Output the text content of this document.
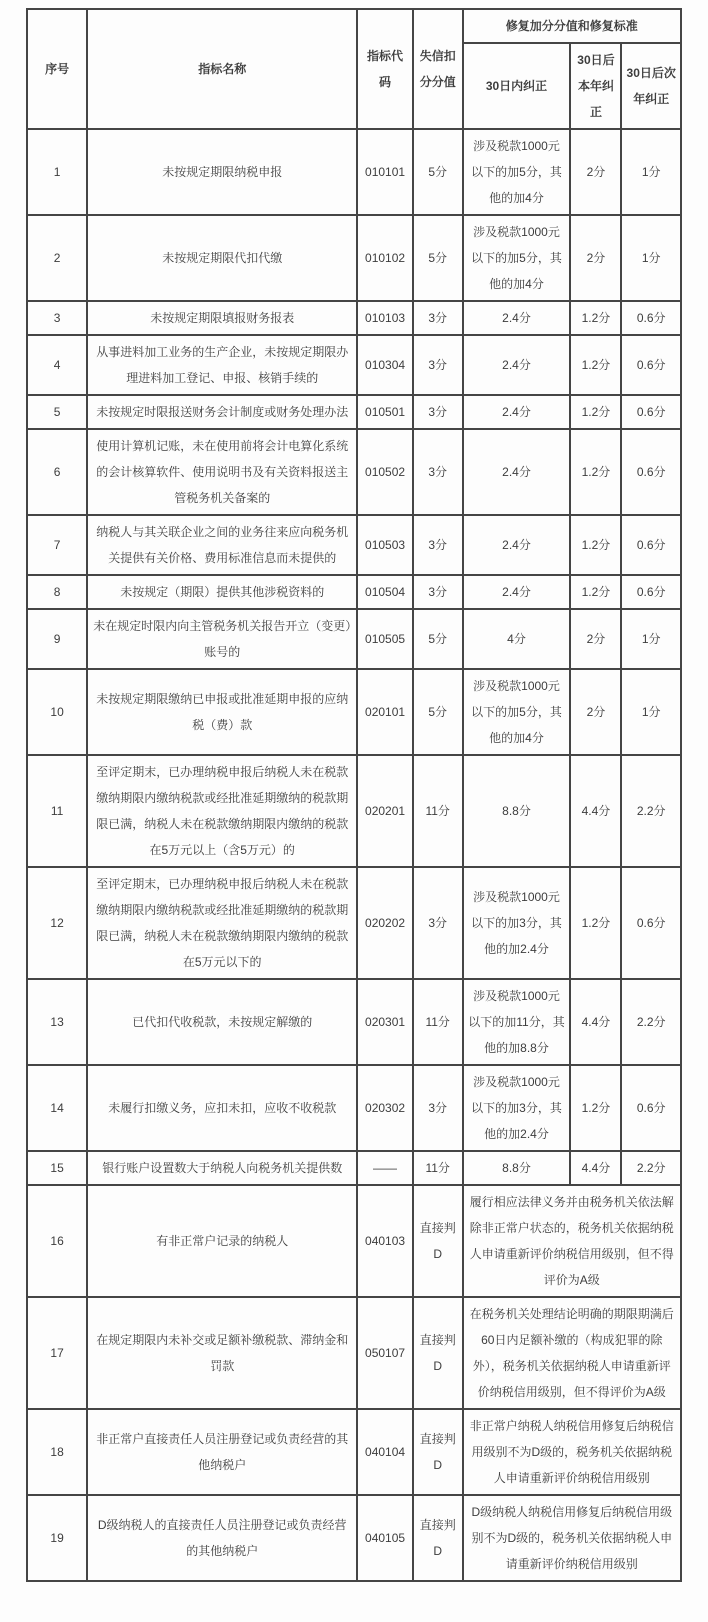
序号	指标名称	指标代码	失信扣分分值	修复加分分值和修复标准		
				30日内纠正	30日后本年纠正	30日后次年纠正
1	未按规定期限纳税申报	010101	5分	涉及税款1000元以下的加5分，其他的加4分	2分	1分
2	未按规定期限代扣代缴	010102	5分	涉及税款1000元以下的加5分，其他的加4分	2分	1分
3	未按规定期限填报财务报表	010103	3分	2.4分	1.2分	0.6分
4	从事进料加工业务的生产企业，未按规定期限办理进料加工登记、申报、核销手续的	010304	3分	2.4分	1.2分	0.6分
5	未按规定时限报送财务会计制度或财务处理办法	010501	3分	2.4分	1.2分	0.6分
6	使用计算机记账，未在使用前将会计电算化系统的会计核算软件、使用说明书及有关资料报送主管税务机关备案的	010502	3分	2.4分	1.2分	0.6分
7	纳税人与其关联企业之间的业务往来应向税务机关提供有关价格、费用标准信息而未提供的	010503	3分	2.4分	1.2分	0.6分
8	未按规定（期限）提供其他涉税资料的	010504	3分	2.4分	1.2分	0.6分
9	未在规定时限内向主管税务机关报告开立（变更）账号的	010505	5分	4分	2分	1分
10	未按规定期限缴纳已申报或批准延期申报的应纳税（费）款	020101	5分	涉及税款1000元以下的加5分，其他的加4分	2分	1分
11	至评定期末，已办理纳税申报后纳税人未在税款缴纳期限内缴纳税款或经批准延期缴纳的税款期限已满，纳税人未在税款缴纳期限内缴纳的税款在5万元以上（含5万元）的	020201	11分	8.8分	4.4分	2.2分
12	至评定期末，已办理纳税申报后纳税人未在税款缴纳期限内缴纳税款或经批准延期缴纳的税款期限已满，纳税人未在税款缴纳期限内缴纳的税款在5万元以下的	020202	3分	涉及税款1000元以下的加3分，其他的加2.4分	1.2分	0.6分
13	已代扣代收税款，未按规定解缴的	020301	11分	涉及税款1000元以下的加11分，其他的加8.8分	4.4分	2.2分
14	未履行扣缴义务，应扣未扣，应收不收税款	020302	3分	涉及税款1000元以下的加3分，其他的加2.4分	1.2分	0.6分
15	银行账户设置数大于纳税人向税务机关提供数	——	11分	8.8分	4.4分	2.2分
16	有非正常户记录的纳税人	040103	直接判D	履行相应法律义务并由税务机关依法解除非正常户状态的，税务机关依据纳税人申请重新评价纳税信用级别，但不得评价为A级		
17	在规定期限内未补交或足额补缴税款、滞纳金和罚款	050107	直接判D	在税务机关处理结论明确的期限期满后60日内足额补缴的（构成犯罪的除外），税务机关依据纳税人申请重新评价纳税信用级别，但不得评价为A级		
18	非正常户直接责任人员注册登记或负责经营的其他纳税户	040104	直接判D	非正常户纳税人纳税信用修复后纳税信用级别不为D级的，税务机关依据纳税人申请重新评价纳税信用级别		
19	D级纳税人的直接责任人员注册登记或负责经营的其他纳税户	040105	直接判D	D级纳税人纳税信用修复后纳税信用级别不为D级的，税务机关依据纳税人申请重新评价纳税信用级别		
